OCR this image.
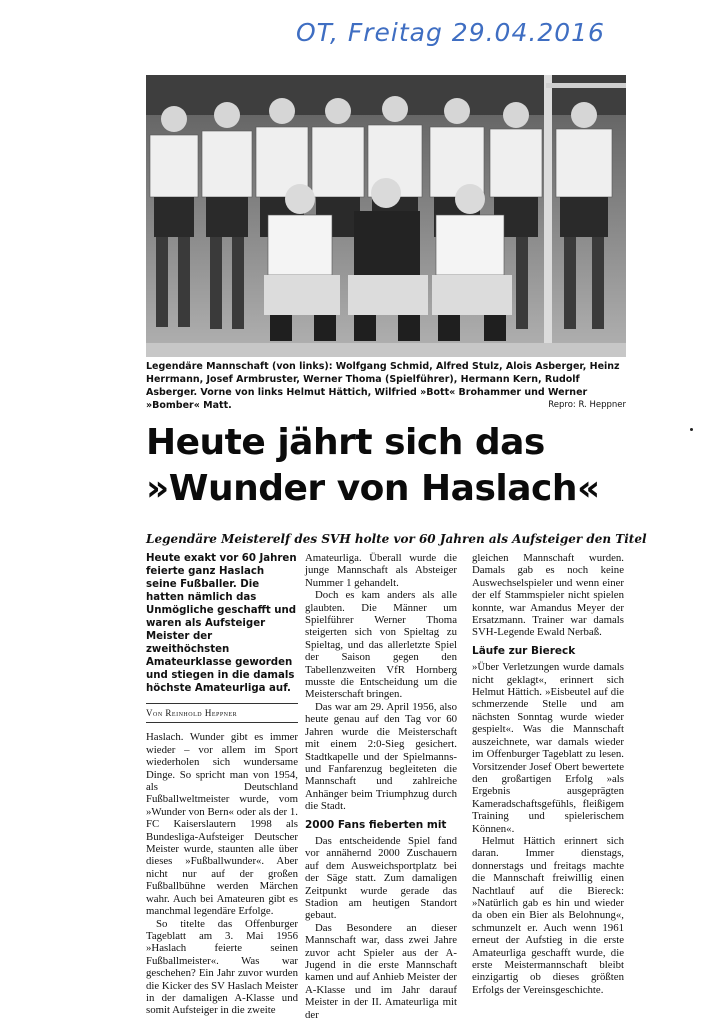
OT, Freitag 29.04.2016
Legendäre Mannschaft (von links): Wolfgang Schmid, Alfred Stulz, Alois Asberger, Heinz Herrmann, Josef Armbruster, Werner Thoma (Spielführer), Hermann Kern, Rudolf Asberger. Vorne von links Helmut Hättich, Wilfried »Bott« Brohammer und Werner »Bomber« Matt.	Repro: R. Heppner
Heute jährt sich das
»Wunder von Haslach«
Legendäre Meisterelf des SVH holte vor 60 Jahren als Aufsteiger den Titel
Heute exakt vor 60 Jahren feierte ganz Haslach seine Fußballer. Die hatten nämlich das Unmögliche geschafft und waren als Aufsteiger Meister der zweithöchsten Amateurklasse geworden und stiegen in die damals höchste Amateurliga auf.
Von Reinhold Heppner

Haslach. Wunder gibt es immer wieder – vor allem im Sport wiederholen sich wundersame Dinge. So spricht man von 1954, als Deutschland Fußballweltmeister wurde, vom »Wunder von Bern« oder als der 1. FC Kaiserslautern 1998 als Bundesliga-Aufsteiger Deutscher Meister wurde, staunten alle über dieses »Fußballwunder«. Aber nicht nur auf der großen Fußballbühne werden Märchen wahr. Auch bei Amateuren gibt es manchmal legendäre Erfolge.

So titelte das Offenburger Tageblatt am 3. Mai 1956 »Haslach feierte seinen Fußballmeister«. Was war geschehen? Ein Jahr zuvor wurden die Kicker des SV Haslach Meister in der damaligen A-Klasse und somit Aufsteiger in die zweite

Amateurliga. Überall wurde die junge Mannschaft als Absteiger Nummer 1 gehandelt.

Doch es kam anders als alle glaubten. Die Männer um Spielführer Werner Thoma steigerten sich von Spieltag zu Spieltag, und das allerletzte Spiel der Saison gegen den Tabellenzweiten VfR Hornberg musste die Entscheidung um die Meisterschaft bringen.

Das war am 29. April 1956, also heute genau auf den Tag vor 60 Jahren wurde die Meisterschaft mit einem 2:0-Sieg gesichert. Stadtkapelle und der Spielmanns- und Fanfarenzug begleiteten die Mannschaft und zahlreiche Anhänger beim Triumphzug durch die Stadt.

2000 Fans fieberten mit

Das entscheidende Spiel fand vor annähernd 2000 Zuschauern auf dem Ausweichsportplatz bei der Säge statt. Zum damaligen Zeitpunkt wurde gerade das Stadion am heutigen Standort gebaut.

Das Besondere an dieser Mannschaft war, dass zwei Jahre zuvor acht Spieler aus der A-Jugend in die erste Mannschaft kamen und auf Anhieb Meister der A-Klasse und im Jahr darauf Meister in der II. Amateurliga mit der

gleichen Mannschaft wurden. Damals gab es noch keine Auswechselspieler und wenn einer der elf Stammspieler nicht spielen konnte, war Amandus Meyer der Ersatzmann. Trainer war damals SVH-Legende Ewald Nerbaß.

Läufe zur Biereck

»Über Verletzungen wurde damals nicht geklagt«, erinnert sich Helmut Hättich. »Eisbeutel auf die schmerzende Stelle und am nächsten Sonntag wurde wieder gespielt«. Was die Mannschaft auszeichnete, war damals wieder im Offenburger Tageblatt zu lesen. Vorsitzender Josef Obert bewertete den großartigen Erfolg »als Ergebnis ausgeprägten Kameradschaftsgefühls, fleißigem Training und spielerischem Können«.

Helmut Hättich erinnert sich daran. Immer dienstags, donnerstags und freitags machte die Mannschaft freiwillig einen Nachtlauf auf die Biereck: »Natürlich gab es hin und wieder da oben ein Bier als Belohnung«, schmunzelt er. Auch wenn 1961 erneut der Aufstieg in die erste Amateurliga geschafft wurde, die erste Meistermannschaft bleibt einzigartig ob dieses größten Erfolgs der Vereinsgeschichte.
